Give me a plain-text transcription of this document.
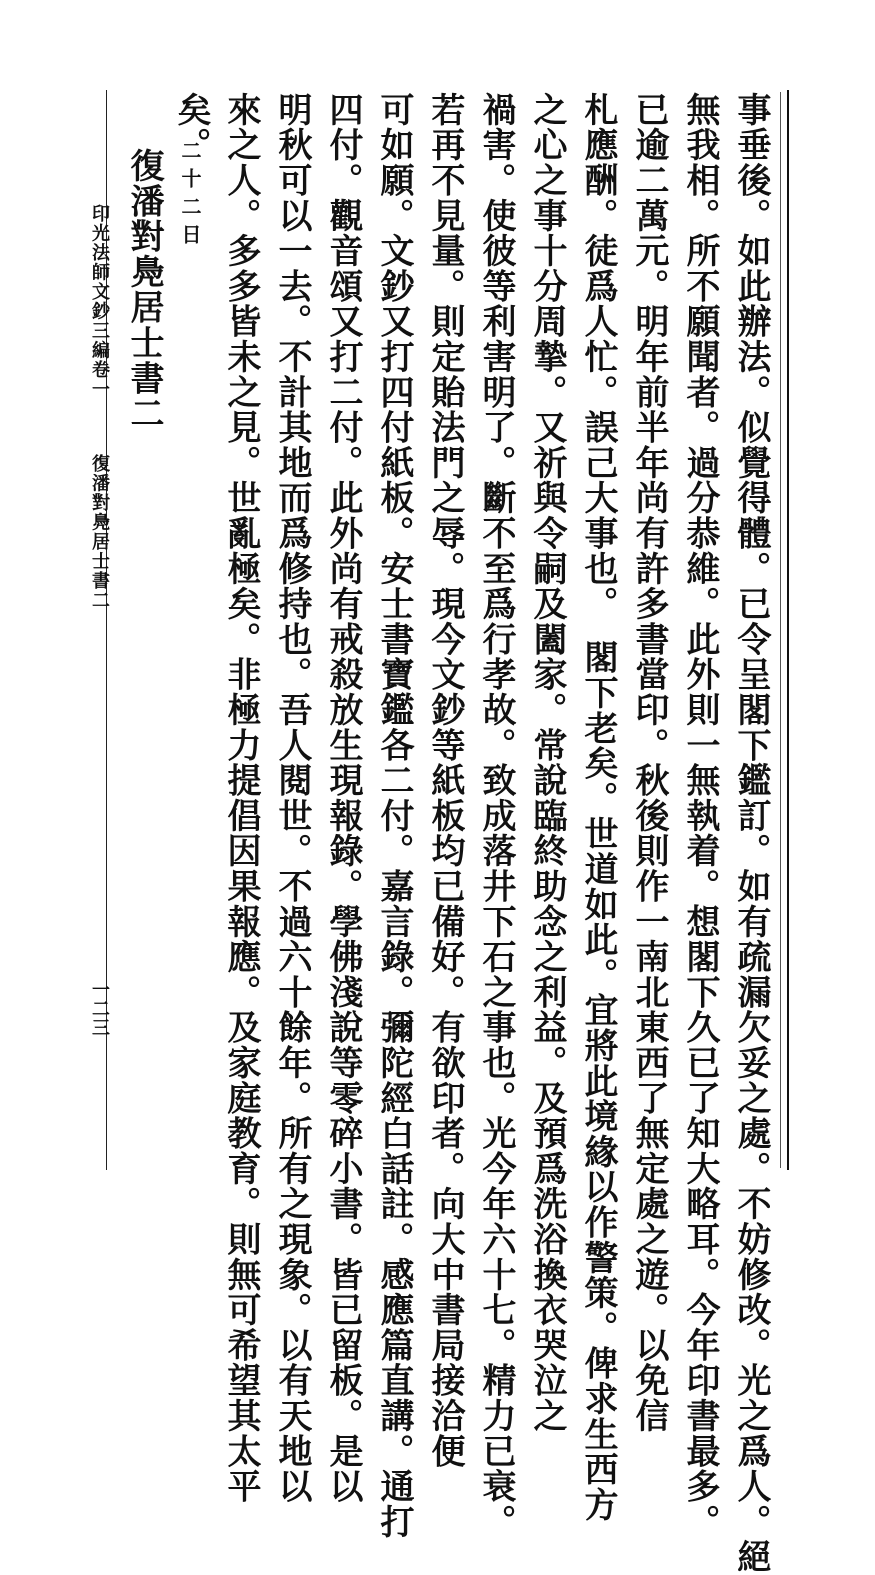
事垂後。如此辦法。似覺得體。已令呈閣下鑑訂。如有疏漏欠妥之處。不妨修改。光之爲人。絕
無我相。所不願聞者。過分恭維。此外則一無執着。想閣下久已了知大略耳。今年印書最多。
已逾二萬元。明年前半年尚有許多書當印。秋後則作一南北東西了無定處之遊。以免信
札應酬。徒爲人忙。誤己大事也。　閣下老矣。世道如此。宜將此境緣以作警策。俾求生西方
之心之事十分周摯。又祈與令嗣及闔家。常說臨終助念之利益。及預爲洗浴換衣哭泣之
禍害。使彼等利害明了。斷不至爲行孝故。致成落井下石之事也。光今年六十七。精力已衰。
若再不見量。則定貽法門之辱。現今文鈔等紙板均已備好。有欲印者。向大中書局接洽便
可如願。文鈔又打四付紙板。安士書寶鑑各二付。嘉言錄。彌陀經白話註。感應篇直講。通打
四付。觀音頌又打二付。此外尚有戒殺放生現報錄。學佛淺說等零碎小書。皆已留板。是以
明秋可以一去。不計其地而爲修持也。吾人閱世。不過六十餘年。所有之現象。以有天地以
來之人。多多皆未之見。世亂極矣。非極力提倡因果報應。及家庭教育。則無可希望其太平
矣。
二十二日
復潘對鳧居士書二
印光法師文鈔三編卷一
復潘對鳧居士書二
一二三
